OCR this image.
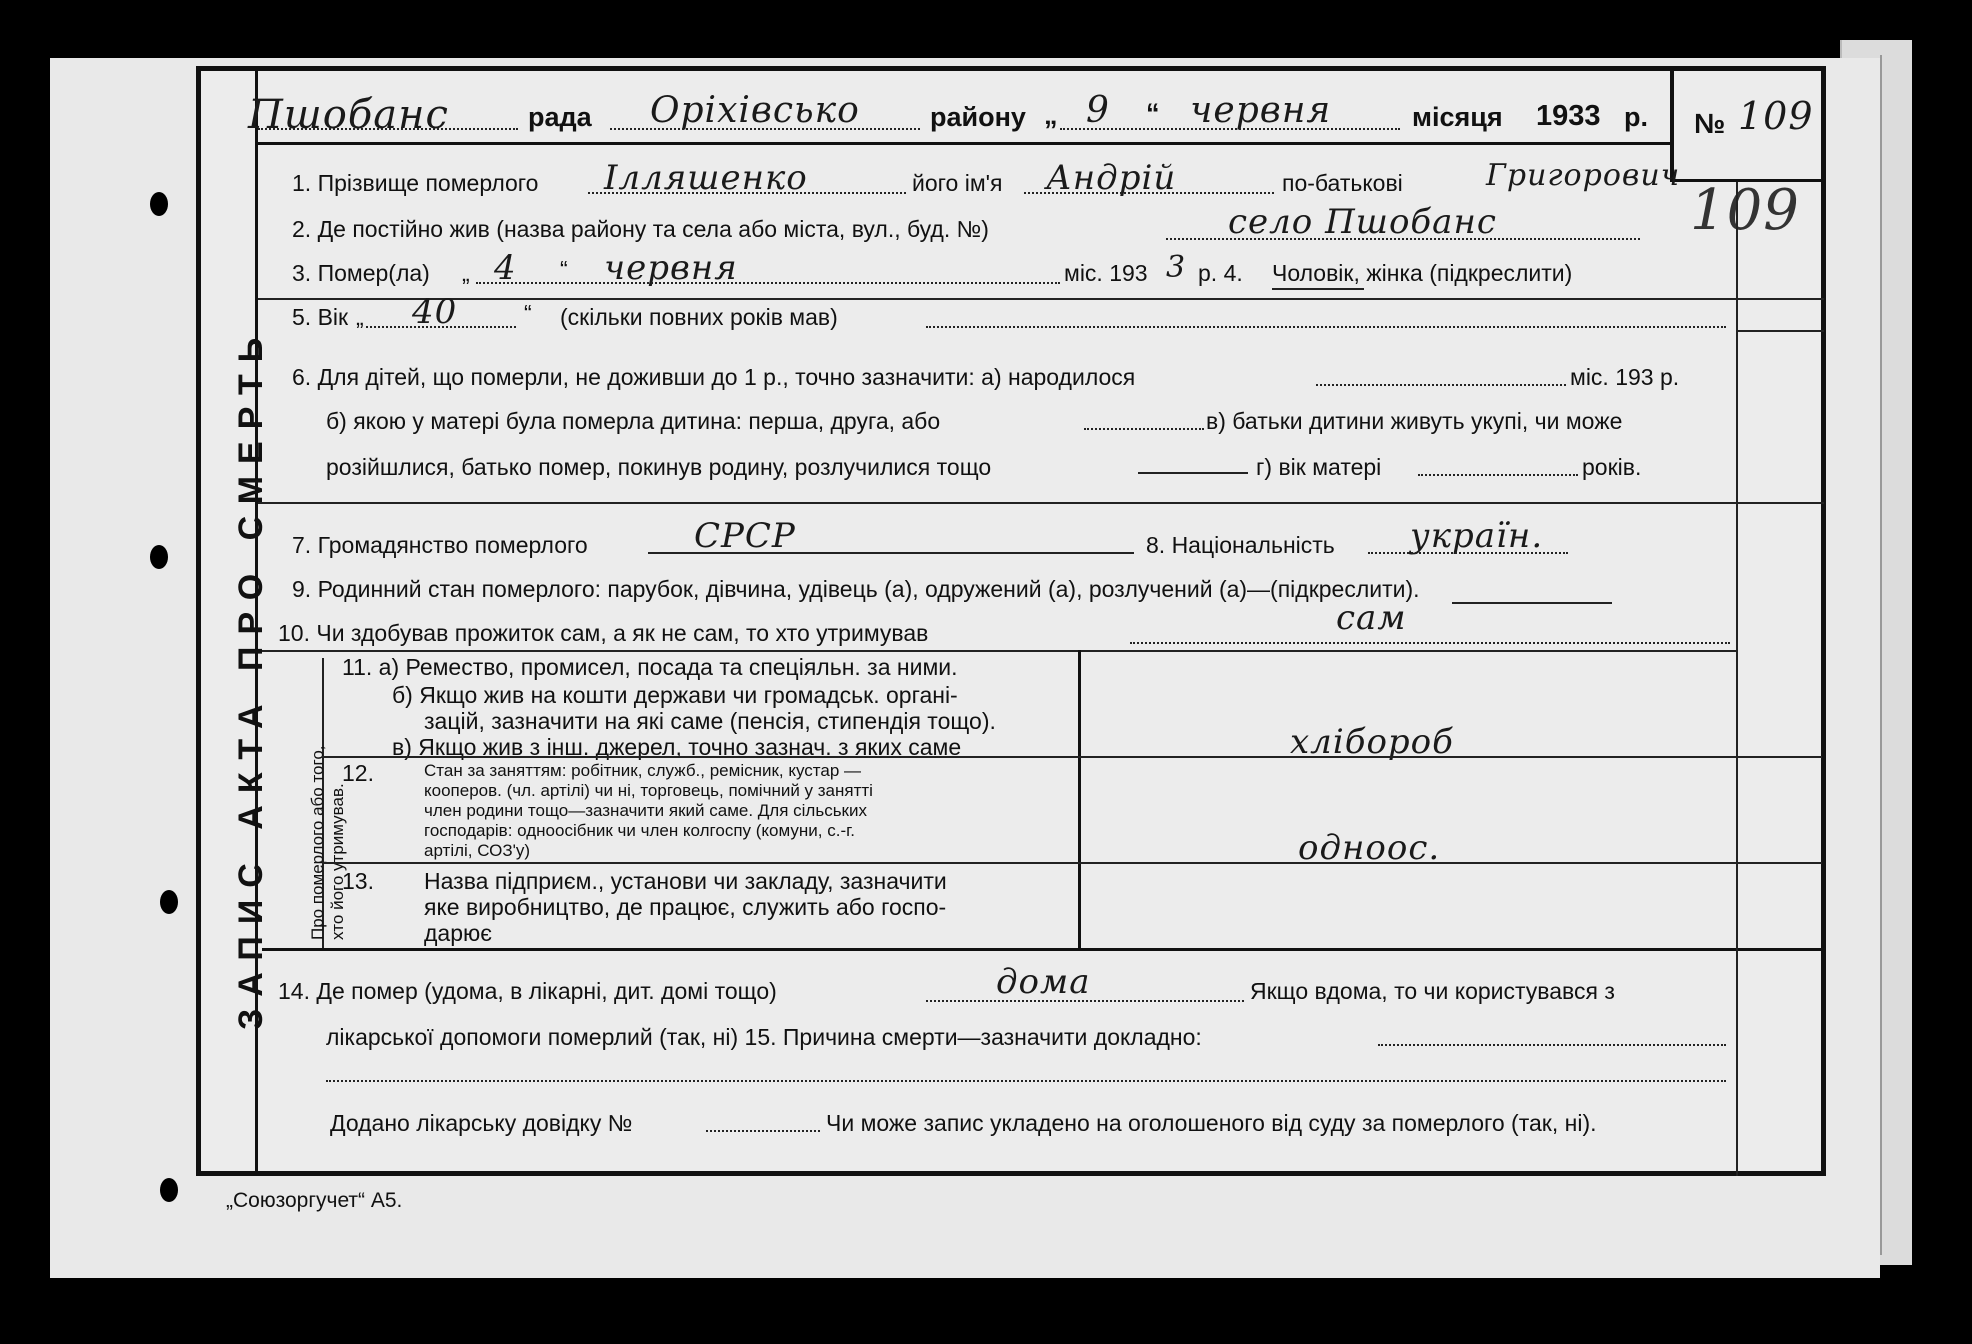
ЗАПИС АКТА ПРО СМЕРТЬ
Пшобанс	рада Оріхівсько	району „ 9 “ червня	місяця 1933 р. № 109
109
1. Прізвище померлого Ілляшенко	його ім'я Андрій	по-батькові	Григорович
2. Де постійно жив (назва району та села або міста, вул., буд. №)	село Пшобанс
3. Помер(ла) „ 4 “ червня	міс. 193 3 р. 4. Чоловік, жінка (підкреслити)
5. Вік „ 40	“ (скільки повних років мав)
6. Для дітей, що померли, не доживши до 1 р., точно зазначити: а) народилося	міс. 193 р.
б) якою у матері була померла дитина: перша, друга, або	в) батьки дитини живуть укупі, чи може
розійшлися, батько помер, покинув родину, розлучилися тощо	г) вік матері	років.
7. Громадянство померлого	СРСР	8. Національність україн.
9. Родинний стан померлого: парубок, дівчина, удівець (а), одружений (а), розлучений (а)—(підкреслити).
10. Чи здобував прожиток сам, а як не сам, то хто утримував	сам
Про померлого або того, хто його утримував.
11. а) Ремество, промисел, посада та спеціяльн. за ними.
б) Якщо жив на кошти держави чи громадськ. органі-
зацій, зазначити на які саме (пенсія, стипендія тощо).
в) Якщо жив з інш. джерел, точно зазнач. з яких саме	хлібороб
12.	Стан за заняттям: робітник, служб., ремісник, кустар —
кооперов. (чл. артілі) чи ні, торговець, помічний у занятті
член родини тощо—зазначити який саме. Для сільських
господарів: одноосібник чи член колгоспу (комуни, с.-г.
артілі, СОЗ'у)	одноос.
13. Назва підприєм., установи чи закладу, зазначити
яке виробництво, де працює, служить або госпо-
дарює
14. Де помер (удома, в лікарні, дит. домі тощо)	дома	Якщо вдома, то чи користувався з
лікарської допомоги померлий (так, ні) 15. Причина смерти—зазначити докладно:
Додано лікарську довідку №	Чи може запис укладено на оголошеного від суду за померлого (так, ні).
„Союзоргучет“ А5.
